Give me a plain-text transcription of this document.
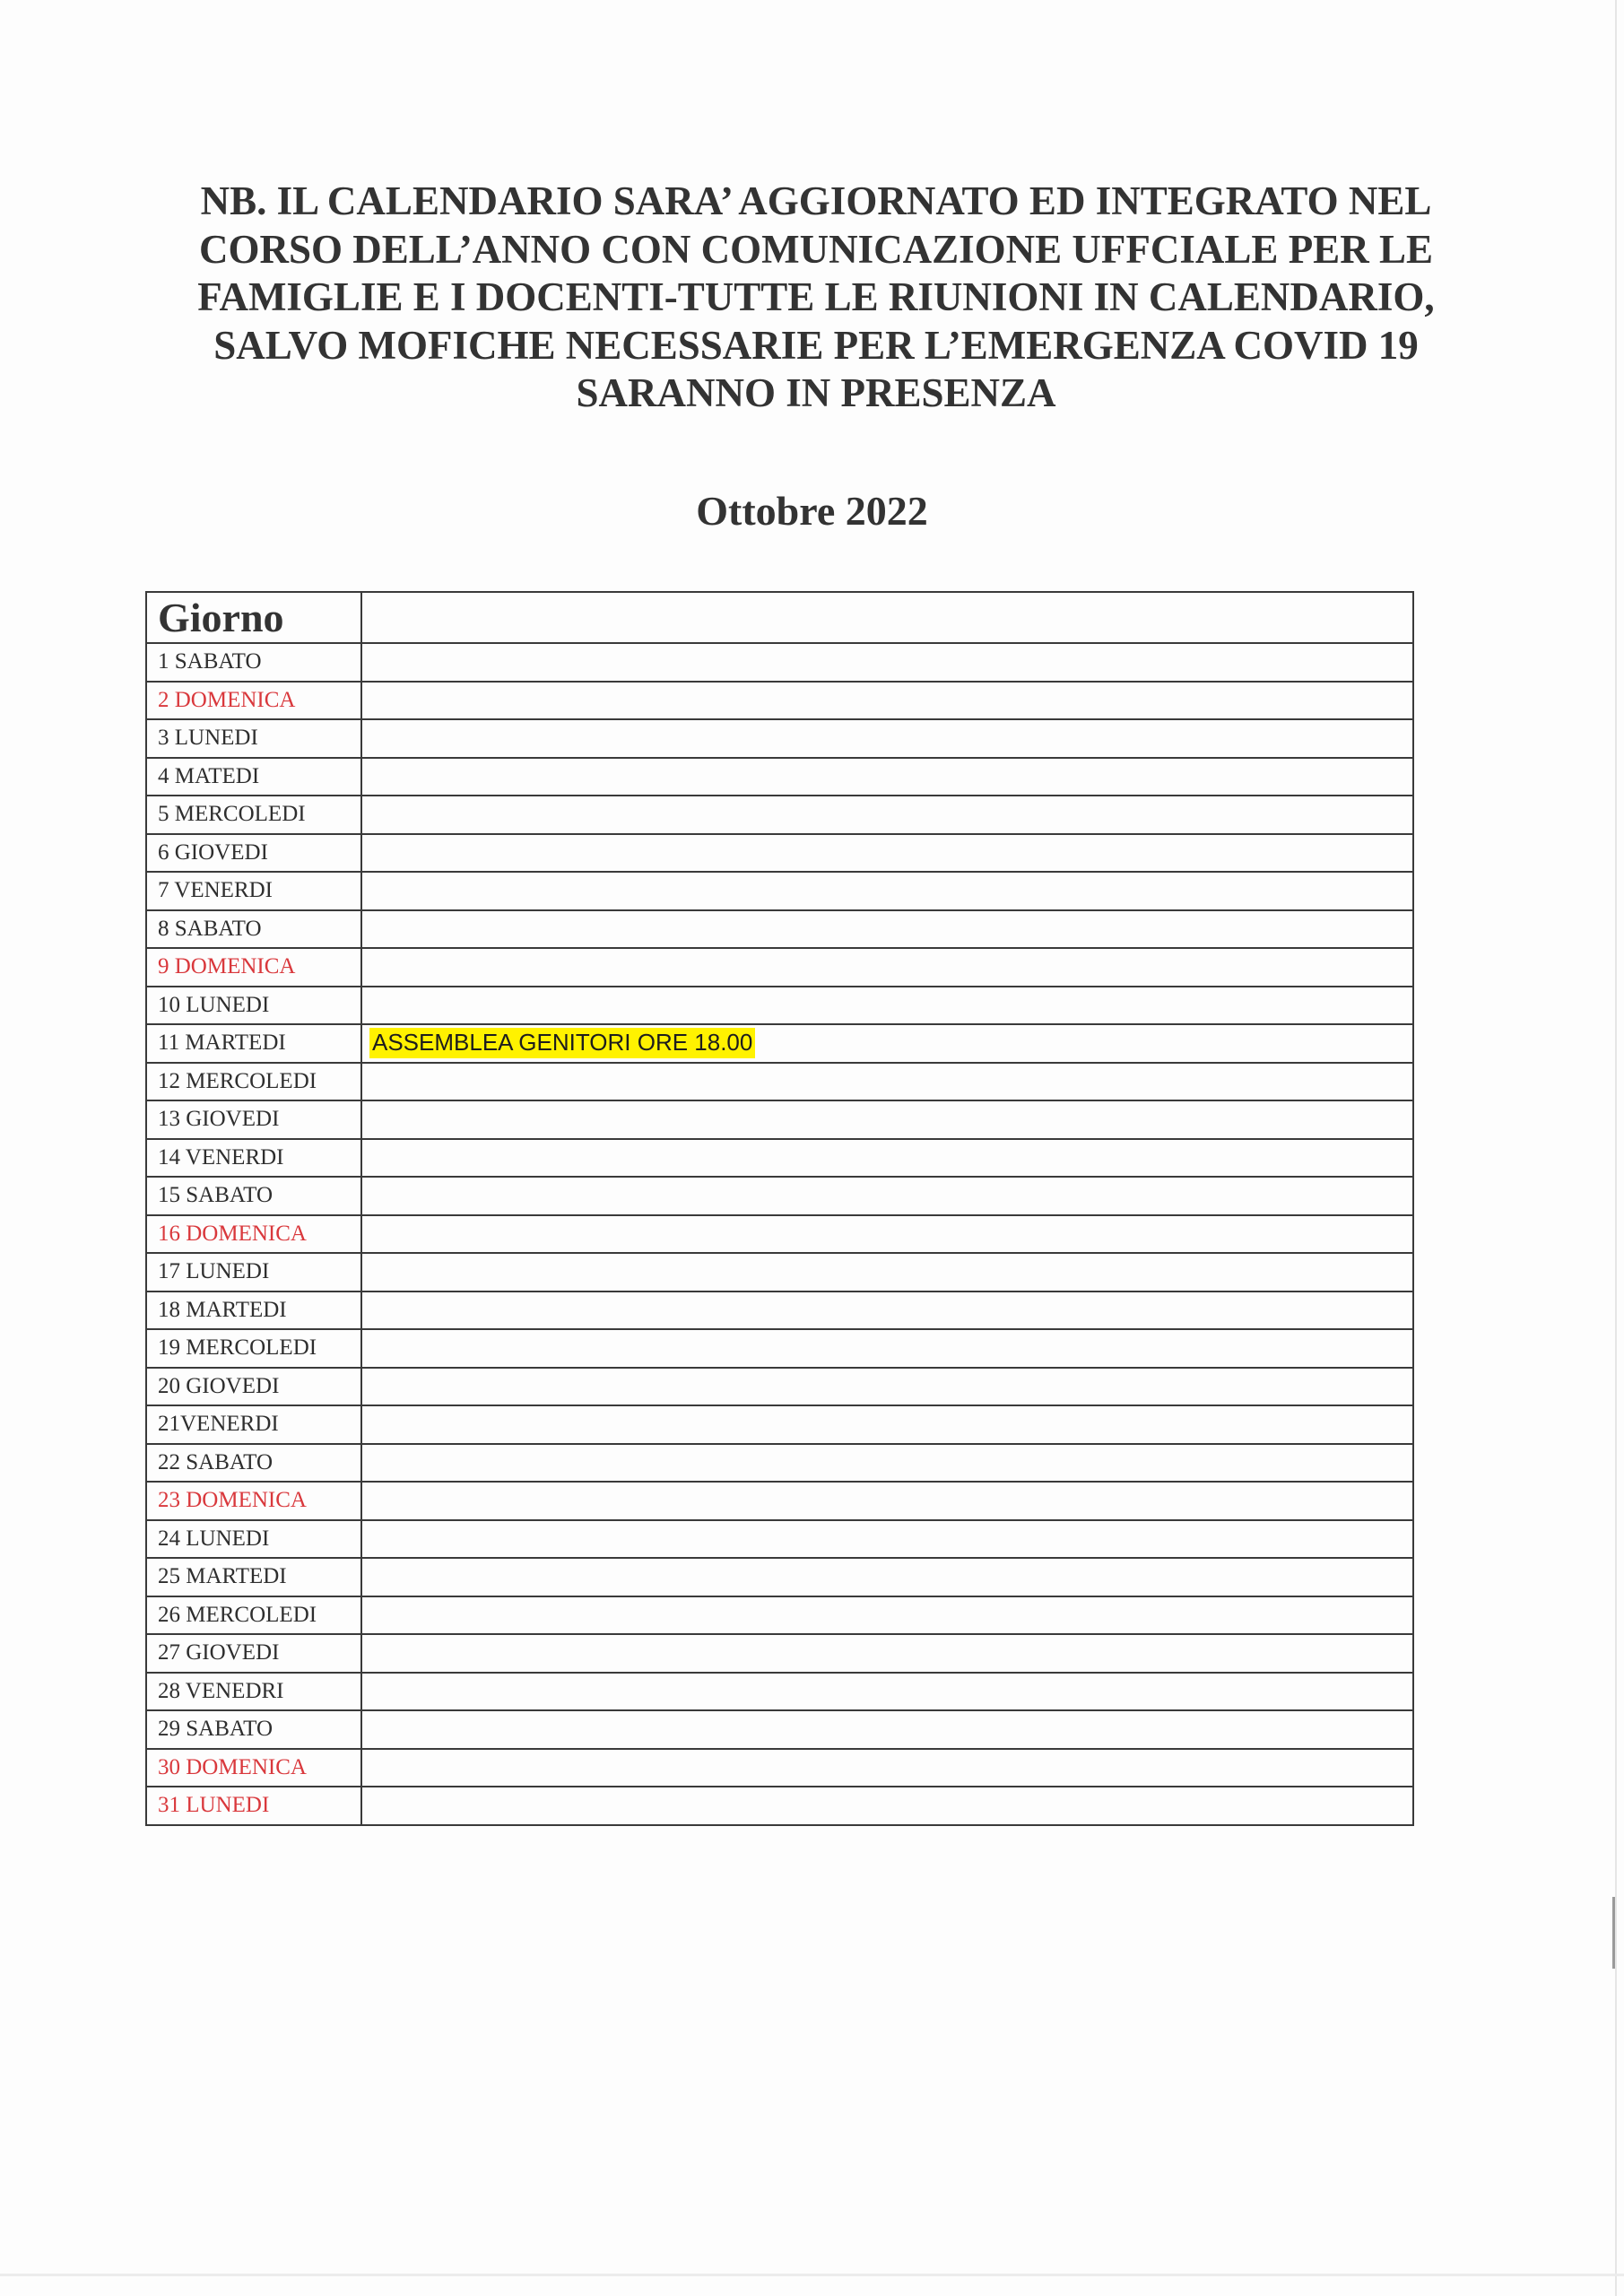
NB. IL CALENDARIO SARA’ AGGIORNATO ED INTEGRATO NEL CORSO DELL’ANNO CON COMUNICAZIONE UFFCIALE PER LE FAMIGLIE E I DOCENTI-TUTTE LE RIUNIONI IN CALENDARIO, SALVO MOFICHE NECESSARIE PER L’EMERGENZA COVID 19 SARANNO IN PRESENZA

Ottobre 2022
Giorno	
1 SABATO	
2 DOMENICA	
3 LUNEDI	
4 MATEDI	
5 MERCOLEDI	
6 GIOVEDI	
7 VENERDI	
8 SABATO	
9 DOMENICA	
10 LUNEDI	
11 MARTEDI	ASSEMBLEA GENITORI ORE 18.00
12 MERCOLEDI	
13 GIOVEDI	
14 VENERDI	
15 SABATO	
16 DOMENICA	
17 LUNEDI	
18 MARTEDI	
19 MERCOLEDI	
20 GIOVEDI	
21VENERDI	
22 SABATO	
23 DOMENICA	
24 LUNEDI	
25 MARTEDI	
26 MERCOLEDI	
27 GIOVEDI	
28 VENEDRI	
29 SABATO	
30 DOMENICA	
31 LUNEDI	
